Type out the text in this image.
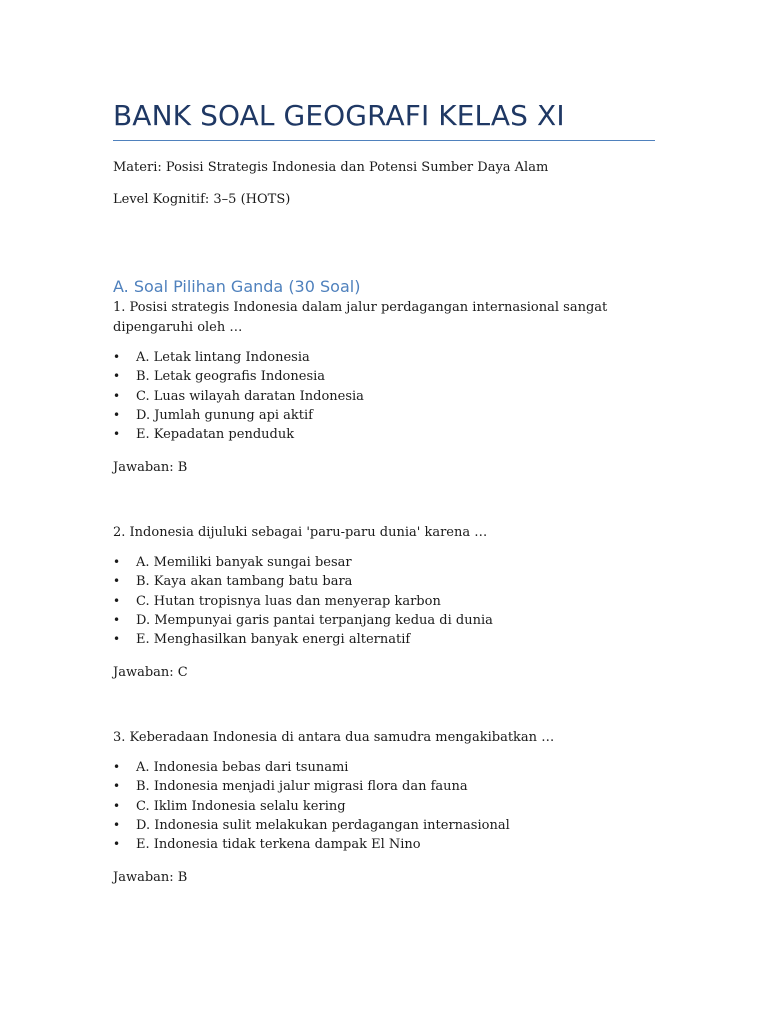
BANK SOAL GEOGRAFI KELAS XI
Materi: Posisi Strategis Indonesia dan Potensi Sumber Daya Alam
Level Kognitif: 3–5 (HOTS)
A. Soal Pilihan Ganda (30 Soal)

1. Posisi strategis Indonesia dalam jalur perdagangan internasional sangat dipengaruhi oleh …

• A. Letak lintang Indonesia
• B. Letak geografis Indonesia
• C. Luas wilayah daratan Indonesia
• D. Jumlah gunung api aktif
• E. Kepadatan penduduk
Jawaban: B

2. Indonesia dijuluki sebagai 'paru-paru dunia' karena …

• A. Memiliki banyak sungai besar
• B. Kaya akan tambang batu bara
• C. Hutan tropisnya luas dan menyerap karbon
• D. Mempunyai garis pantai terpanjang kedua di dunia
• E. Menghasilkan banyak energi alternatif
Jawaban: C

3. Keberadaan Indonesia di antara dua samudra mengakibatkan …

• A. Indonesia bebas dari tsunami
• B. Indonesia menjadi jalur migrasi flora dan fauna
• C. Iklim Indonesia selalu kering
• D. Indonesia sulit melakukan perdagangan internasional
• E. Indonesia tidak terkena dampak El Nino
Jawaban: B
